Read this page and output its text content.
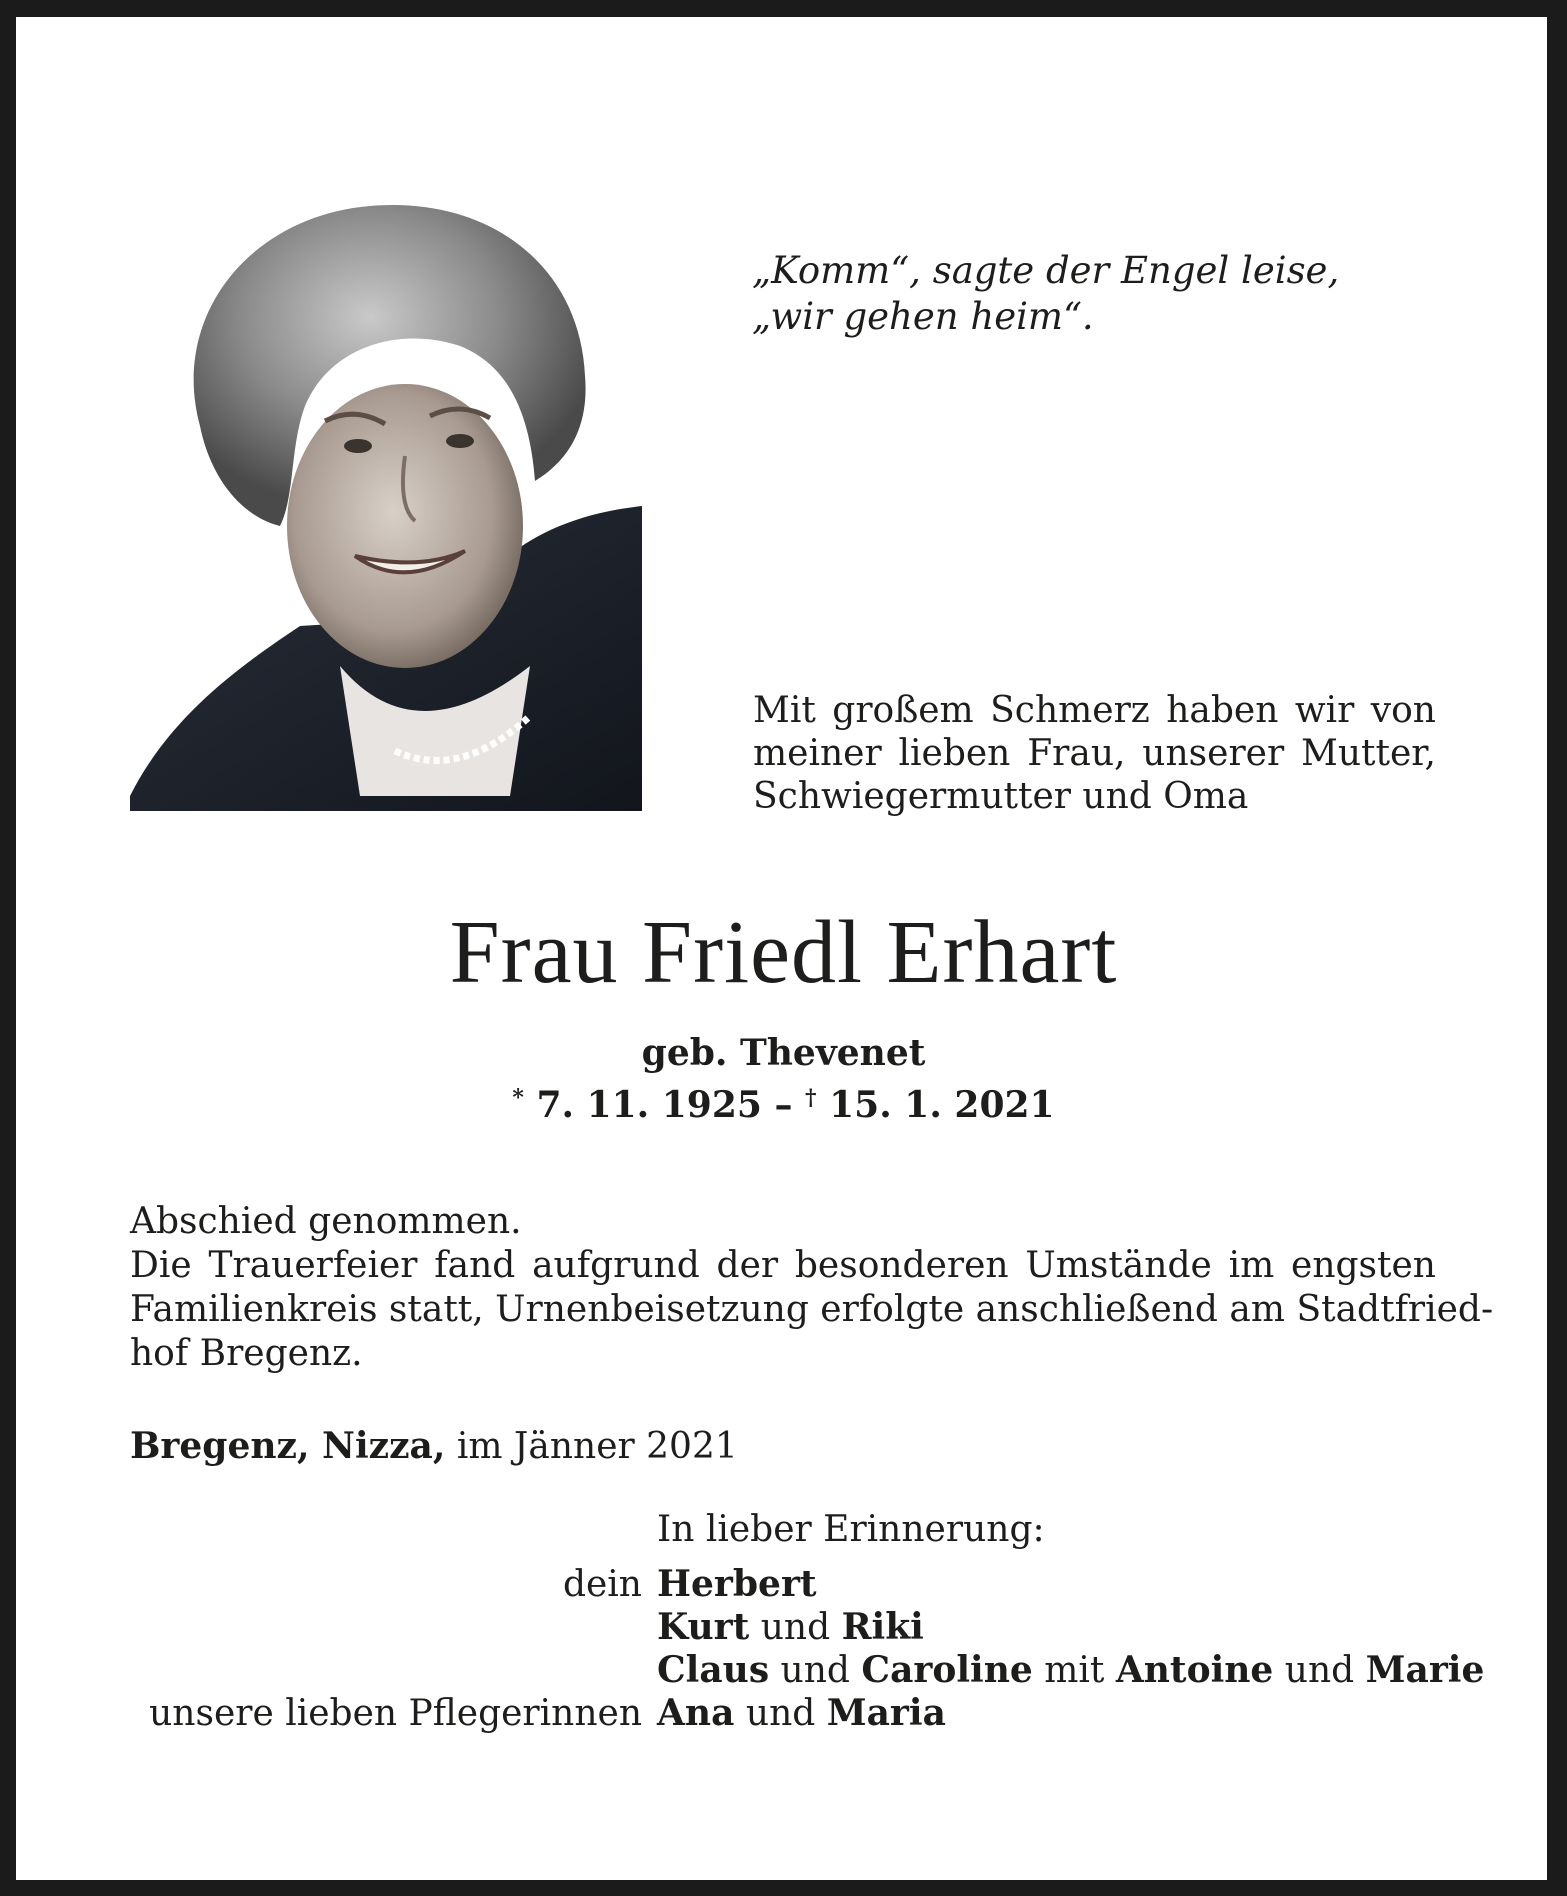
„Komm“, sagte der Engel leise,
„wir gehen heim“.
Mit großem Schmerz haben wir von
meiner lieben Frau, unserer Mutter,
Schwiegermutter und Oma
Frau Friedl Erhart
geb. Thevenet
* 7. 11. 1925 – † 15. 1. 2021
Abschied genommen.
Die Trauerfeier fand aufgrund der besonderen Umstände im engsten
Familienkreis statt, Urnenbeisetzung erfolgte anschließend am Stadtfried-
hof Bregenz.
Bregenz, Nizza, im Jänner 2021
In lieber Erinnerung:
dein Herbert
Kurt und Riki
Claus und Caroline mit Antoine und Marie
unsere lieben Pflegerinnen Ana und Maria
